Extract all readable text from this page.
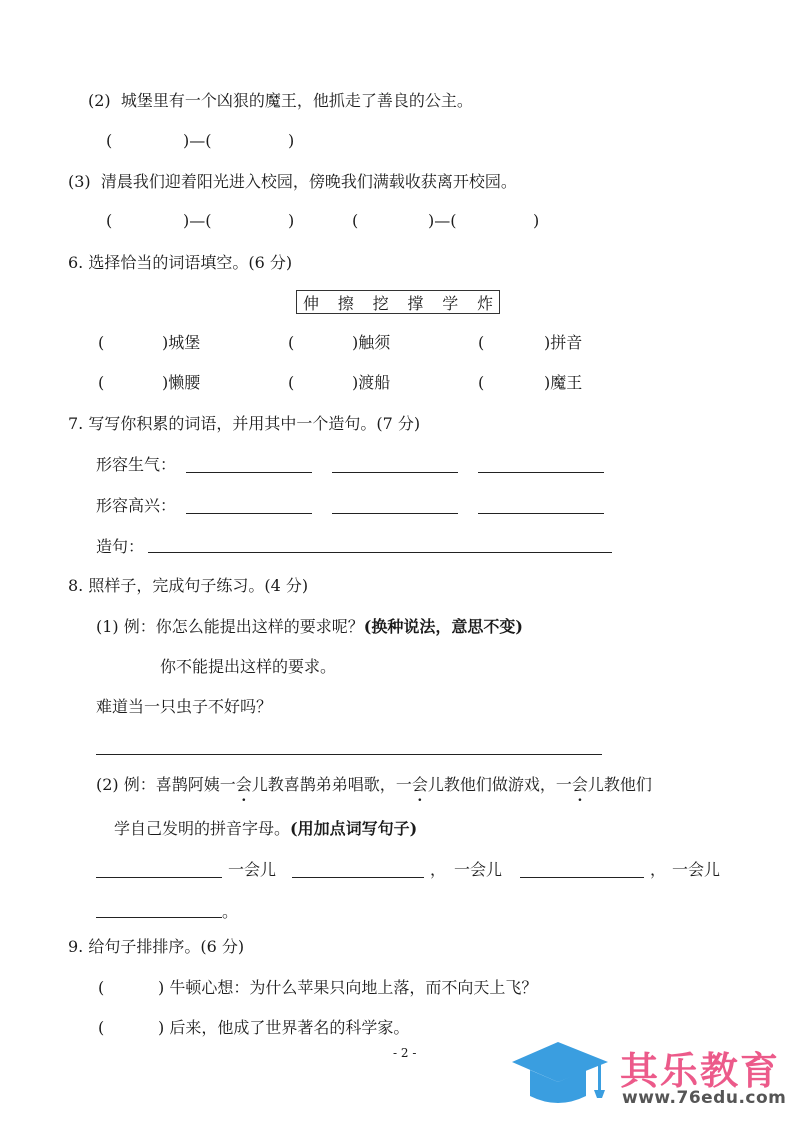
(2) 城堡里有一个凶狠的魔王，他抓走了善良的公主。
(	)—(	)
(3) 清晨我们迎着阳光进入校园，傍晚我们满载收获离开校园。
(	)—(	)	(	)—(	)
6. 选择恰当的词语填空。(6 分)
伸 擦 挖 撑 学 炸
(	)城堡	(	)触须	(	)拼音
(	)懒腰	(	)渡船	(	)魔王
7. 写写你积累的词语，并用其中一个造句。(7 分)
形容生气：
形容高兴：
造句：
8. 照样子，完成句子练习。(4 分)
(1) 例：你怎么能提出这样的要求呢？(换种说法，意思不变)
你不能提出这样的要求。
难道当一只虫子不好吗？
(2) 例：喜鹊阿姨一会儿教喜鹊弟弟唱歌，一会儿教他们做游戏，一会儿教他们
学自己发明的拼音字母。(用加点词写句子)
一会儿	， 一会儿	， 一会儿
。
9. 给句子排排序。(6 分)
(	) 牛顿心想：为什么苹果只向地上落，而不向天上飞？
(	) 后来，他成了世界著名的科学家。
- 2 -	其乐教育
www.76edu.com
